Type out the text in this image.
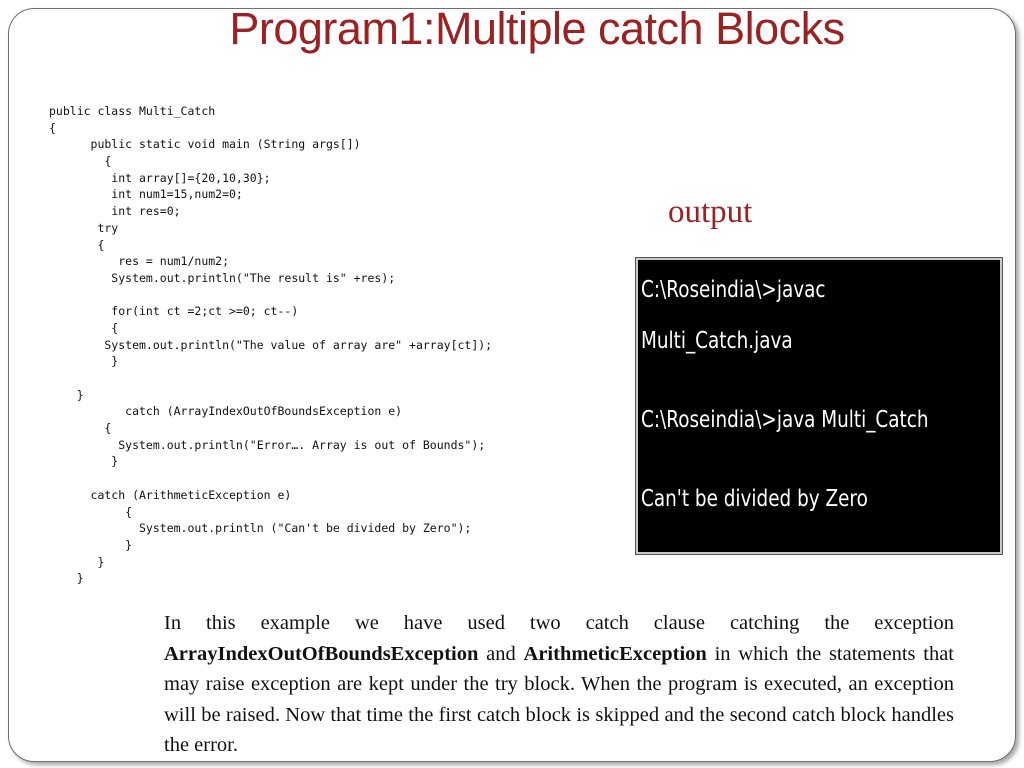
Program1:Multiple catch Blocks
public class Multi_Catch
{
public static void main (String args[])
{
int array[]={20,10,30};
int num1=15,num2=0;
int res=0;
try
{
res = num1/num2;
System.out.println("The result is" +res);
for(int ct =2;ct >=0; ct--)
{
System.out.println("The value of array are" +array[ct]);
}
}
catch (ArrayIndexOutOfBoundsException e)
{
System.out.println("Error…. Array is out of Bounds");
}
catch (ArithmeticException e)
{
System.out.println ("Can't be divided by Zero");
}
}
}
output
C:\Roseindia\>javac
Multi_Catch.java
C:\Roseindia\>java Multi_Catch
Can't be divided by Zero
In this example we have used two catch clause catching the exception ArrayIndexOutOfBoundsException and ArithmeticException in which the statements that may raise exception are kept under the try block. When the program is executed, an exception will be raised. Now that time the first catch block is skipped and the second catch block handles the error.
